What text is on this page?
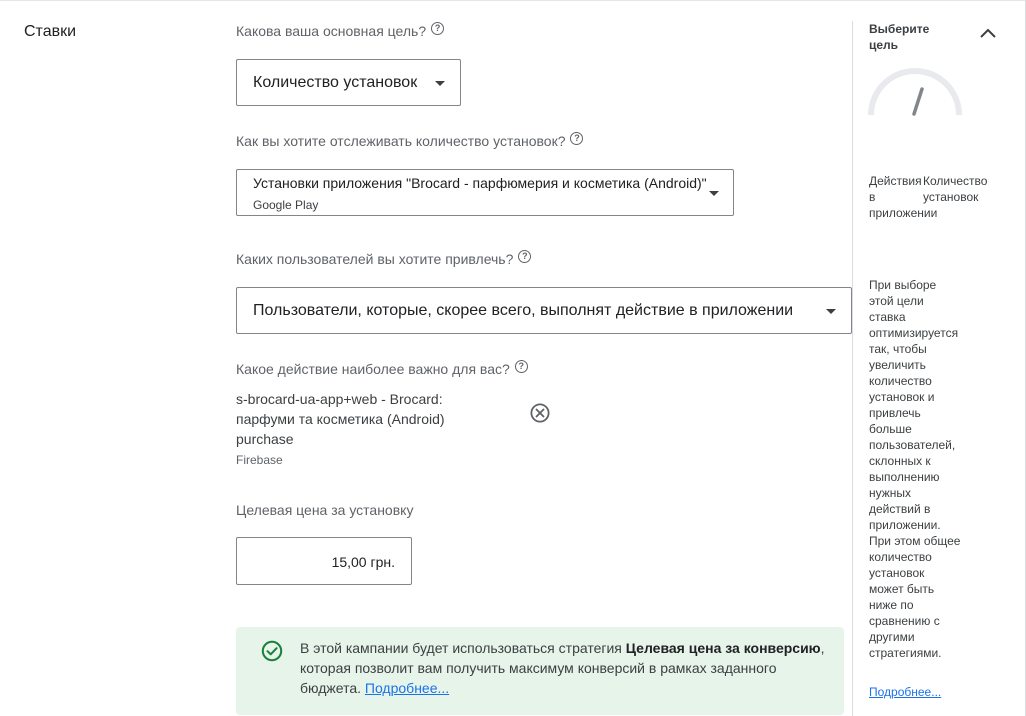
Ставки	Какова ваша основная цель? ?
Количество установок
Как вы хотите отслеживать количество установок? ?
Установки приложения "Brocard - парфюмерия и косметика (Android)"
Google Play
Каких пользователей вы хотите привлечь? ?
Пользователи, которые, скорее всего, выполнят действие в приложении
Какое действие наиболее важно для вас? ?
s-brocard-ua-app+web - Brocard:
парфуми та косметика (Android)
purchase
Firebase
Целевая цена за установку
15,00 грн.
В этой кампании будет использоваться стратегия Целевая цена за конверсию, которая позволит вам получить максимум конверсий в рамках заданного бюджета. Подробнее...
Выберите цель
Действия в приложении
Количество установок
При выборе этой цели ставка оптимизируется так, чтобы увеличить количество установок и привлечь больше пользователей, склонных к выполнению нужных действий в приложении. При этом общее количество установок может быть ниже по сравнению с другими стратегиями.
Подробнее...
